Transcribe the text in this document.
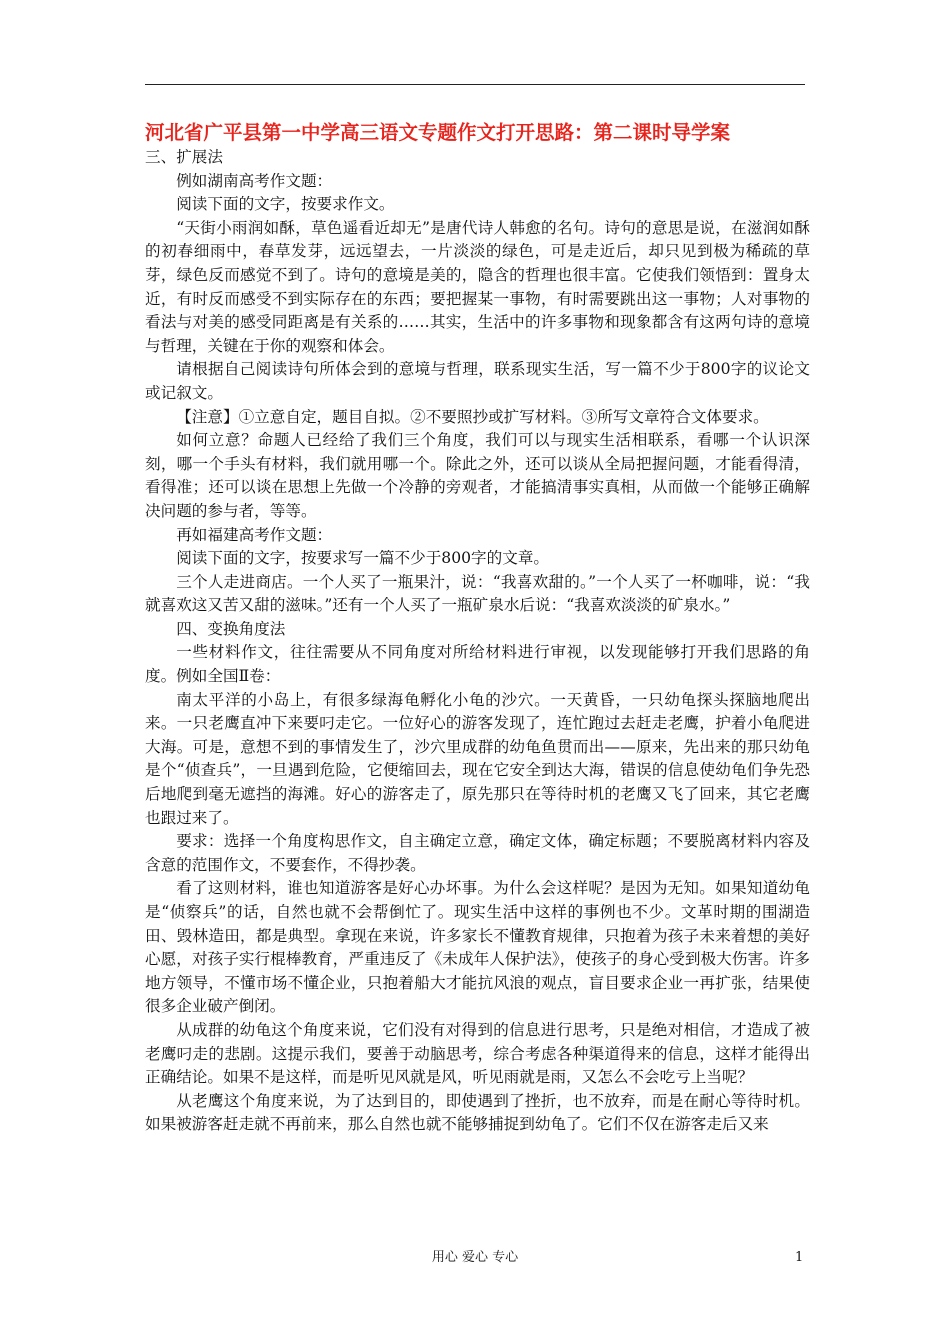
河北省广平县第一中学高三语文专题作文打开思路：第二课时导学案

三、扩展法

例如湖南高考作文题：

阅读下面的文字，按要求作文。

“天街小雨润如酥，草色遥看近却无”是唐代诗人韩愈的名句。诗句的意思是说，在滋润如酥的初春细雨中，春草发芽，远远望去，一片淡淡的绿色，可是走近后，却只见到极为稀疏的草芽，绿色反而感觉不到了。诗句的意境是美的，隐含的哲理也很丰富。它使我们领悟到：置身太近，有时反而感受不到实际存在的东西；要把握某一事物，有时需要跳出这一事物；人对事物的看法与对美的感受同距离是有关系的……其实，生活中的许多事物和现象都含有这两句诗的意境与哲理，关键在于你的观察和体会。

请根据自己阅读诗句所体会到的意境与哲理，联系现实生活，写一篇不少于800字的议论文或记叙文。

【注意】①立意自定，题目自拟。②不要照抄或扩写材料。③所写文章符合文体要求。

如何立意？命题人已经给了我们三个角度，我们可以与现实生活相联系，看哪一个认识深刻，哪一个手头有材料，我们就用哪一个。除此之外，还可以谈从全局把握问题，才能看得清，看得准；还可以谈在思想上先做一个冷静的旁观者，才能搞清事实真相，从而做一个能够正确解决问题的参与者，等等。

再如福建高考作文题：

阅读下面的文字，按要求写一篇不少于800字的文章。

三个人走进商店。一个人买了一瓶果汁，说：“我喜欢甜的。”一个人买了一杯咖啡，说：“我就喜欢这又苦又甜的滋味。”还有一个人买了一瓶矿泉水后说：“我喜欢淡淡的矿泉水。”

四、变换角度法

一些材料作文，往往需要从不同角度对所给材料进行审视，以发现能够打开我们思路的角度。例如全国Ⅱ卷：

南太平洋的小岛上，有很多绿海龟孵化小龟的沙穴。一天黄昏，一只幼龟探头探脑地爬出来。一只老鹰直冲下来要叼走它。一位好心的游客发现了，连忙跑过去赶走老鹰，护着小龟爬进大海。可是，意想不到的事情发生了，沙穴里成群的幼龟鱼贯而出——原来，先出来的那只幼龟是个“侦查兵”，一旦遇到危险，它便缩回去，现在它安全到达大海，错误的信息使幼龟们争先恐后地爬到毫无遮挡的海滩。好心的游客走了，原先那只在等待时机的老鹰又飞了回来，其它老鹰也跟过来了。

要求：选择一个角度构思作文，自主确定立意，确定文体，确定标题；不要脱离材料内容及含意的范围作文，不要套作，不得抄袭。

看了这则材料，谁也知道游客是好心办坏事。为什么会这样呢？是因为无知。如果知道幼龟是“侦察兵”的话，自然也就不会帮倒忙了。现实生活中这样的事例也不少。文革时期的围湖造田、毁林造田，都是典型。拿现在来说，许多家长不懂教育规律，只抱着为孩子未来着想的美好心愿，对孩子实行棍棒教育，严重违反了《未成年人保护法》，使孩子的身心受到极大伤害。许多地方领导，不懂市场不懂企业，只抱着船大才能抗风浪的观点，盲目要求企业一再扩张，结果使很多企业破产倒闭。

从成群的幼龟这个角度来说，它们没有对得到的信息进行思考，只是绝对相信，才造成了被老鹰叼走的悲剧。这提示我们，要善于动脑思考，综合考虑各种渠道得来的信息，这样才能得出正确结论。如果不是这样，而是听见风就是风，听见雨就是雨，又怎么不会吃亏上当呢？

从老鹰这个角度来说，为了达到目的，即使遇到了挫折，也不放弃，而是在耐心等待时机。如果被游客赶走就不再前来，那么自然也就不能够捕捉到幼龟了。它们不仅在游客走后又来

用心 爱心 专心	1
